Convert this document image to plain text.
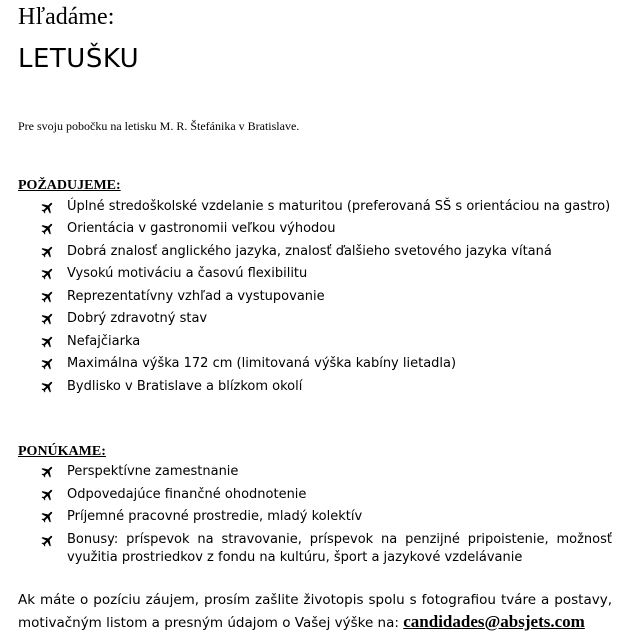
Hľadáme:
LETUŠKU

Pre svoju pobočku na letisku M. R. Štefánika v Bratislave.

POŽADUJEME:
Úplné stredoškolské vzdelanie s maturitou (preferovaná SŠ s orientáciou na gastro)
Orientácia v gastronomii veľkou výhodou
Dobrá znalosť anglického jazyka, znalosť ďalšieho svetového jazyka vítaná
Vysokú motiváciu a časovú flexibilitu
Reprezentatívny vzhľad a vystupovanie
Dobrý zdravotný stav
Nefajčiarka
Maximálna výška 172 cm (limitovaná výška kabíny lietadla)
Bydlisko v Bratislave a blízkom okolí
PONÚKAME:
Perspektívne zamestnanie
Odpovedajúce finančné ohodnotenie
Príjemné pracovné prostredie, mladý kolektív
Bonusy: príspevok na stravovanie, príspevok na penzijné pripoistenie, možnosť využitia prostriedkov z fondu na kultúru, šport a jazykové vzdelávanie

Ak máte o pozíciu záujem, prosím zašlite životopis spolu s fotografiou tváre a postavy, motivačným listom a presným údajom o Vašej výške na: candidades@absjets.com
